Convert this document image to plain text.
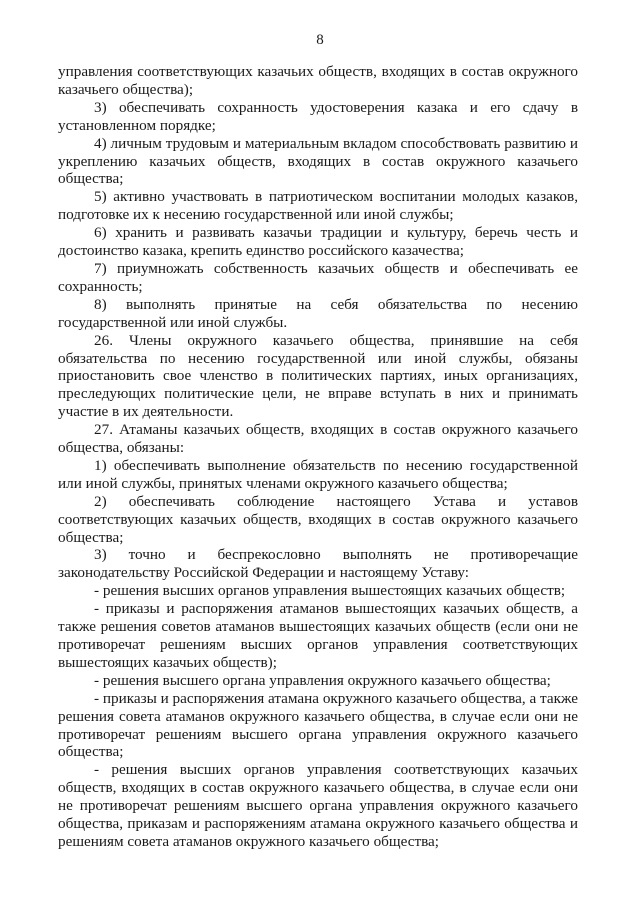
8

управления соответствующих казачьих обществ, входящих в состав окружного казачьего общества);

3) обеспечивать сохранность удостоверения казака и его сдачу в установленном порядке;

4) личным трудовым и материальным вкладом способствовать развитию и укреплению казачьих обществ, входящих в состав окружного казачьего общества;

5) активно участвовать в патриотическом воспитании молодых казаков, подготовке их к несению государственной или иной службы;

6) хранить и развивать казачьи традиции и культуру, беречь честь и достоинство казака, крепить единство российского казачества;

7) приумножать собственность казачьих обществ и обеспечивать ее сохранность;

8) выполнять принятые на себя обязательства по несению государственной или иной службы.

26. Члены окружного казачьего общества, принявшие на себя обязательства по несению государственной или иной службы, обязаны приостановить свое членство в политических партиях, иных организациях, преследующих политические цели, не вправе вступать в них и принимать участие в их деятельности.

27. Атаманы казачьих обществ, входящих в состав окружного казачьего общества, обязаны:

1) обеспечивать выполнение обязательств по несению государственной или иной службы, принятых членами окружного казачьего общества;

2) обеспечивать соблюдение настоящего Устава и уставов соответствующих казачьих обществ, входящих в состав окружного казачьего общества;

3) точно и беспрекословно выполнять не противоречащие законодательству Российской Федерации и настоящему Уставу:

- решения высших органов управления вышестоящих казачьих обществ;

- приказы и распоряжения атаманов вышестоящих казачьих обществ, а также решения советов атаманов вышестоящих казачьих обществ (если они не противоречат решениям высших органов управления соответствующих вышестоящих казачьих обществ);

- решения высшего органа управления окружного казачьего общества;

- приказы и распоряжения атамана окружного казачьего общества, а также решения совета атаманов окружного казачьего общества, в случае если они не противоречат решениям высшего органа управления окружного казачьего общества;

- решения высших органов управления соответствующих казачьих обществ, входящих в состав окружного казачьего общества, в случае если они не противоречат решениям высшего органа управления окружного казачьего общества, приказам и распоряжениям атамана окружного казачьего общества и решениям совета атаманов окружного казачьего общества;
